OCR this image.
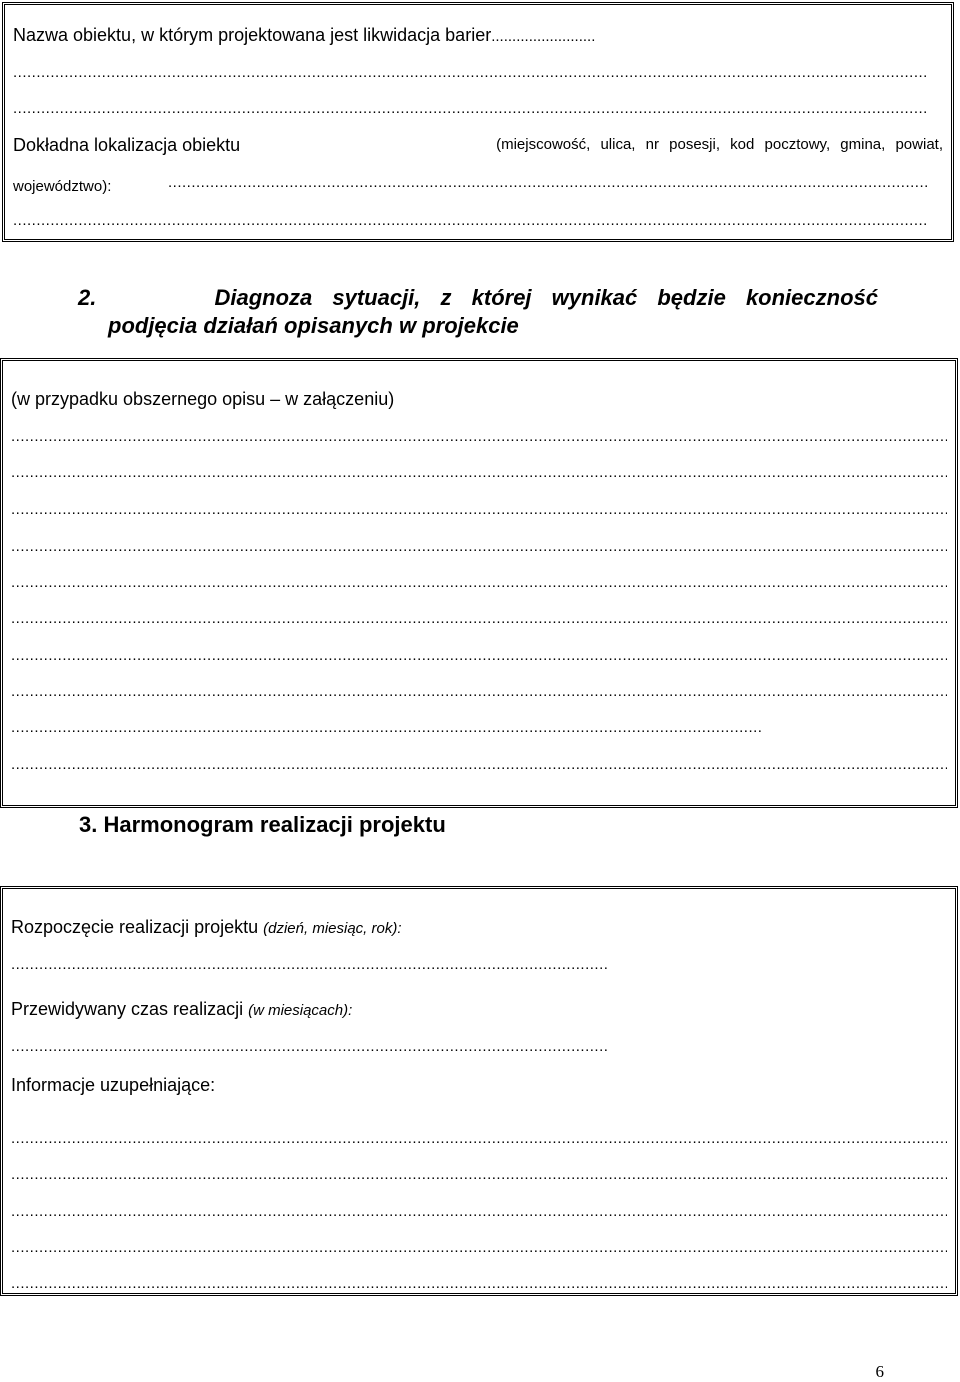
Nazwa obiektu, w którym projektowana jest likwidacja barier.........................
.....
.....
Dokładna lokalizacja obiektu	(miejscowość, ulica, nr posesji, kod pocztowy, gmina, powiat,
województwo):
.....
.....
2.	Diagnoza sytuacji, z której wynikać będzie konieczność
podjęcia działań opisanych w projekcie
(w przypadku obszernego opisu – w załączeniu)
.....
.....
.....
.....
.....
.....
.....
.....
.....
.....
3. Harmonogram realizacji projektu
Rozpoczęcie realizacji projektu (dzień, miesiąc, rok):
.....
Przewidywany czas realizacji (w miesiącach):
.....
Informacje uzupełniające:
.....
.....
.....
.....
.....
6
